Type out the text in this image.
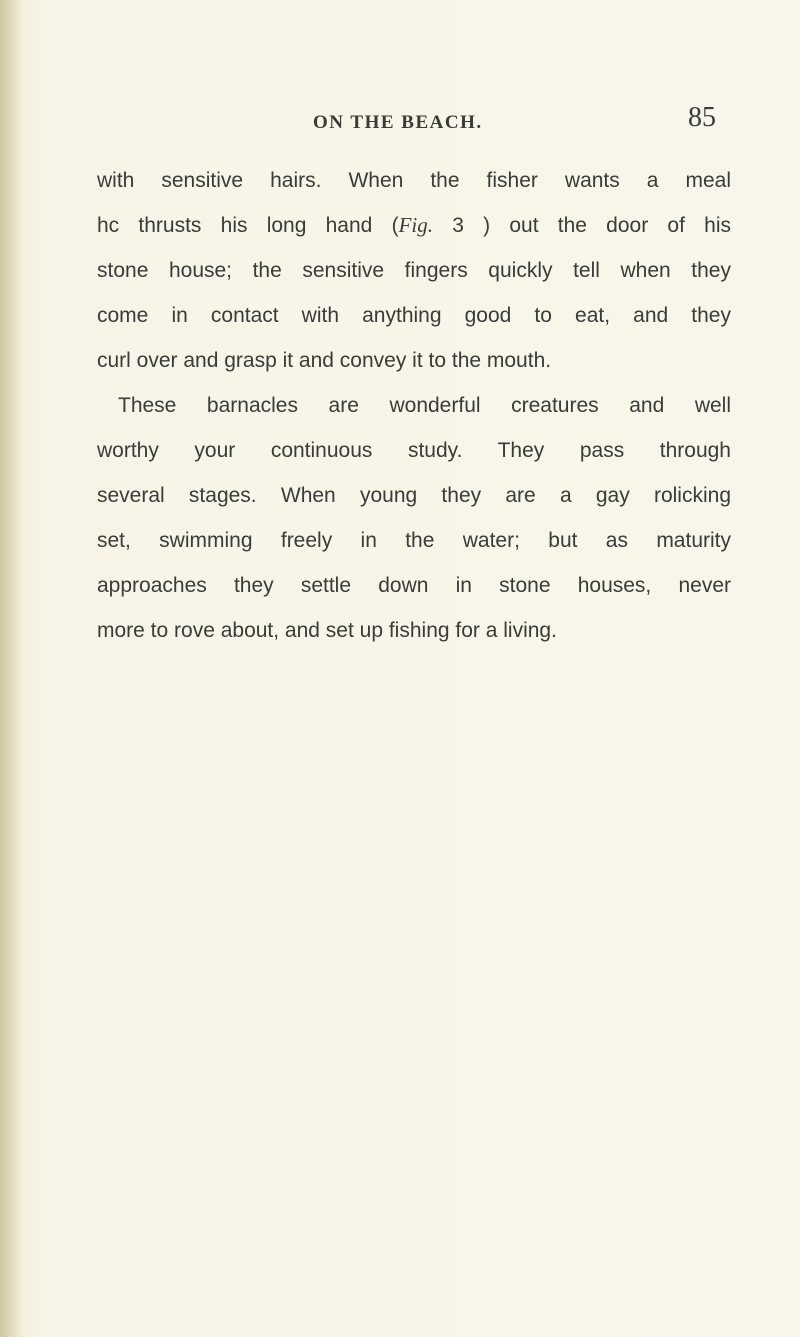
ON THE BEACH.	85
with sensitive hairs. When the fisher wants a meal
hc thrusts his long hand (Fig. 3 ) out the door of his
stone house; the sensitive fingers quickly tell when they
come in contact with anything good to eat, and they
curl over and grasp it and convey it to the mouth.
These barnacles are wonderful creatures and well
worthy your continuous study. They pass through
several stages. When young they are a gay rolicking
set, swimming freely in the water; but as maturity
approaches they settle down in stone houses, never
more to rove about, and set up fishing for a living.
